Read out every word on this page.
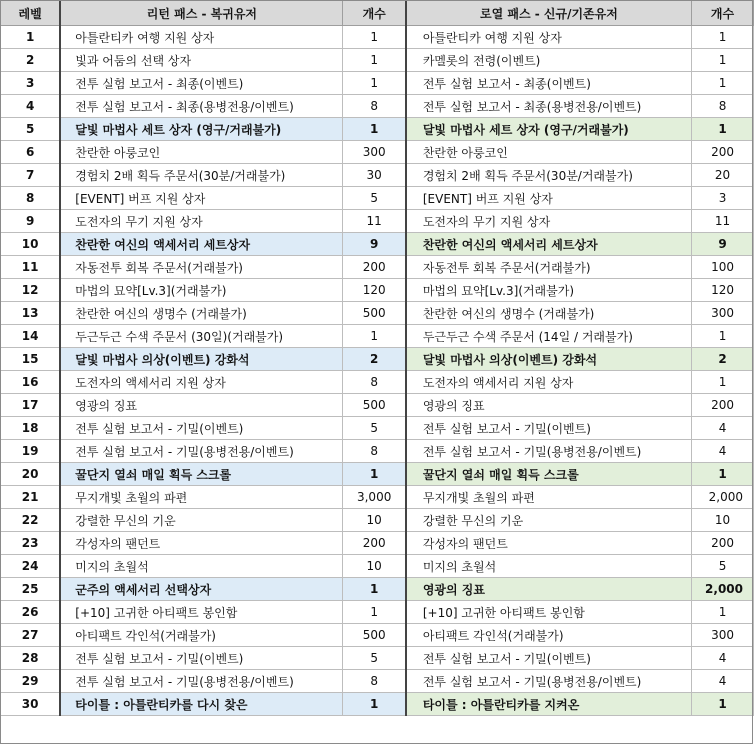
레벨	리턴 패스 - 복귀유저	개수	로열 패스 - 신규/기존유저	개수
1	아틀란티카 여행 지원 상자	1	아틀란티카 여행 지원 상자	1
2	빛과 어둠의 선택 상자	1	카멜롯의 전령(이벤트)	1
3	전투 실험 보고서 - 최종(이벤트)	1	전투 실험 보고서 - 최종(이벤트)	1
4	전투 실험 보고서 - 최종(용병전용/이벤트)	8	전투 실험 보고서 - 최종(용병전용/이벤트)	8
5	달빛 마법사 세트 상자 (영구/거래불가)	1	달빛 마법사 세트 상자 (영구/거래불가)	1
6	찬란한 아룽코인	300	찬란한 아룽코인	200
7	경험치 2배 획득 주문서(30분/거래불가)	30	경험치 2배 획득 주문서(30분/거래불가)	20
8	[EVENT] 버프 지원 상자	5	[EVENT] 버프 지원 상자	3
9	도전자의 무기 지원 상자	11	도전자의 무기 지원 상자	11
10	찬란한 여신의 액세서리 세트상자	9	찬란한 여신의 액세서리 세트상자	9
11	자동전투 회복 주문서(거래불가)	200	자동전투 회복 주문서(거래불가)	100
12	마법의 묘약[Lv.3](거래불가)	120	마법의 묘약[Lv.3](거래불가)	120
13	찬란한 여신의 생명수 (거래불가)	500	찬란한 여신의 생명수 (거래불가)	300
14	두근두근 수색 주문서 (30일)(거래불가)	1	두근두근 수색 주문서 (14일 / 거래불가)	1
15	달빛 마법사 의상(이벤트) 강화석	2	달빛 마법사 의상(이벤트) 강화석	2
16	도전자의 액세서리 지원 상자	8	도전자의 액세서리 지원 상자	1
17	영광의 징표	500	영광의 징표	200
18	전투 실험 보고서 - 기밀(이벤트)	5	전투 실험 보고서 - 기밀(이벤트)	4
19	전투 실험 보고서 - 기밀(용병전용/이벤트)	8	전투 실험 보고서 - 기밀(용병전용/이벤트)	4
20	꿀단지 열쇠 매일 획득 스크롤	1	꿀단지 열쇠 매일 획득 스크롤	1
21	무지개빛 초월의 파편	3,000	무지개빛 초월의 파편	2,000
22	강렬한 무신의 기운	10	강렬한 무신의 기운	10
23	각성자의 팬던트	200	각성자의 팬던트	200
24	미지의 초월석	10	미지의 초월석	5
25	군주의 액세서리 선택상자	1	영광의 징표	2,000
26	[+10] 고귀한 아티팩트 봉인함	1	[+10] 고귀한 아티팩트 봉인함	1
27	아티팩트 각인석(거래불가)	500	아티팩트 각인석(거래불가)	300
28	전투 실험 보고서 - 기밀(이벤트)	5	전투 실험 보고서 - 기밀(이벤트)	4
29	전투 실험 보고서 - 기밀(용병전용/이벤트)	8	전투 실험 보고서 - 기밀(용병전용/이벤트)	4
30	타이틀 : 아틀란티카를 다시 찾은	1	타이틀 : 아틀란티카를 지켜온	1
